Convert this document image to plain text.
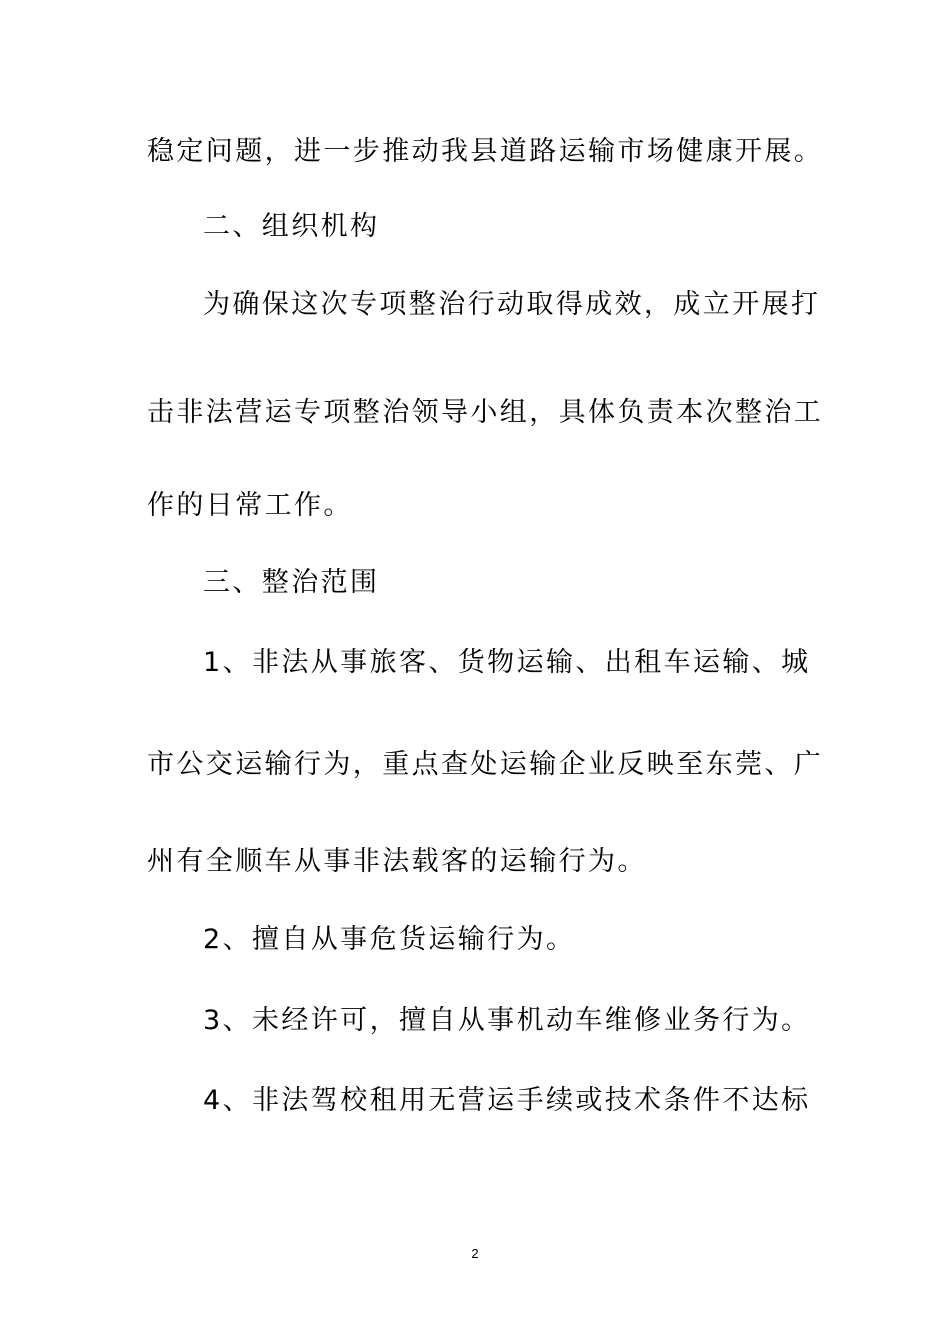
稳定问题，进一步推动我县道路运输市场健康开展。
二、组织机构
为确保这次专项整治行动取得成效，成立开展打
击非法营运专项整治领导小组，具体负责本次整治工
作的日常工作。
三、整治范围
1、非法从事旅客、货物运输、出租车运输、城
市公交运输行为，重点查处运输企业反映至东莞、广
州有全顺车从事非法载客的运输行为。
2、擅自从事危货运输行为。
3、未经许可，擅自从事机动车维修业务行为。
4、非法驾校租用无营运手续或技术条件不达标
2
